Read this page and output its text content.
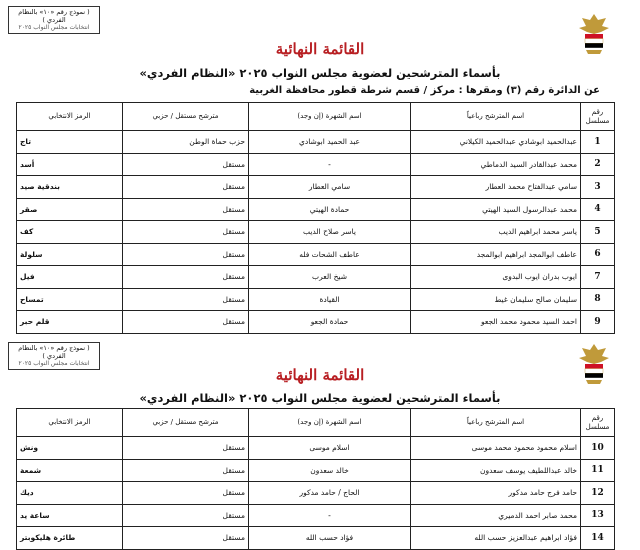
( نموذج رقم «١٠» بالنظام الفردي )
انتخابات مجلس النواب ٢٠٢٥
القائمة النهائية
بأسماء المترشحين لعضوية مجلس النواب ٢٠٢٥ «النظام الفردي»
عن الدائرة رقم (٣) ومقرها : مركز / قسم شرطة قطور محافظة الغربية
رقم مسلسل	اسم المترشح رباعياً	اسم الشهرة (إن وجد)	مترشح مستقل / حزبي	الرمز الانتخابي
1	عبدالحميد ابوشادي عبدالحميد الكيلاني	عبد الحميد ابوشادي	حزب حماة الوطن	تاج
2	محمد عبدالقادر السيد الدماطي	-	مستقل	أسد
3	سامي عبدالفتاح محمد العطار	سامي العطار	مستقل	بندقية صيد
4	محمد عبدالرسول السيد الهيتي	حمادة الهيتي	مستقل	صقر
5	ياسر محمد ابراهيم الديب	ياسر صلاح الديب	مستقل	كف
6	عاطف ابوالمجد ابراهيم ابوالمجد	عاطف الشحات فله	مستقل	سلولة
7	ايوب بدران ايوب البدوى	شيخ العرب	مستقل	فيل
8	سليمان صالح سليمان غيط	القيادة	مستقل	تمساح
9	احمد السيد محمود محمد الجعو	حمادة الجعو	مستقل	قلم حبر
( نموذج رقم «١٠» بالنظام الفردي )
انتخابات مجلس النواب ٢٠٢٥
القائمة النهائية
بأسماء المترشحين لعضوية مجلس النواب ٢٠٢٥ «النظام الفردي»
رقم مسلسل	اسم المترشح رباعياً	اسم الشهرة (إن وجد)	مترشح مستقل / حزبي	الرمز الانتخابي
10	اسلام محمود محمود محمد موسى	اسلام موسى	مستقل	ونش
11	خالد عبداللطيف يوسف سعدون	خالد سعدون	مستقل	شمعة
12	حامد فرج حامد مدكور	الحاج / حامد مدكور	مستقل	ديك
13	محمد صابر احمد الدميري	-	مستقل	ساعة يد
14	فؤاد ابراهيم عبدالعزيز حسب الله	فؤاد حسب الله	مستقل	طائرة هليكوبتر
